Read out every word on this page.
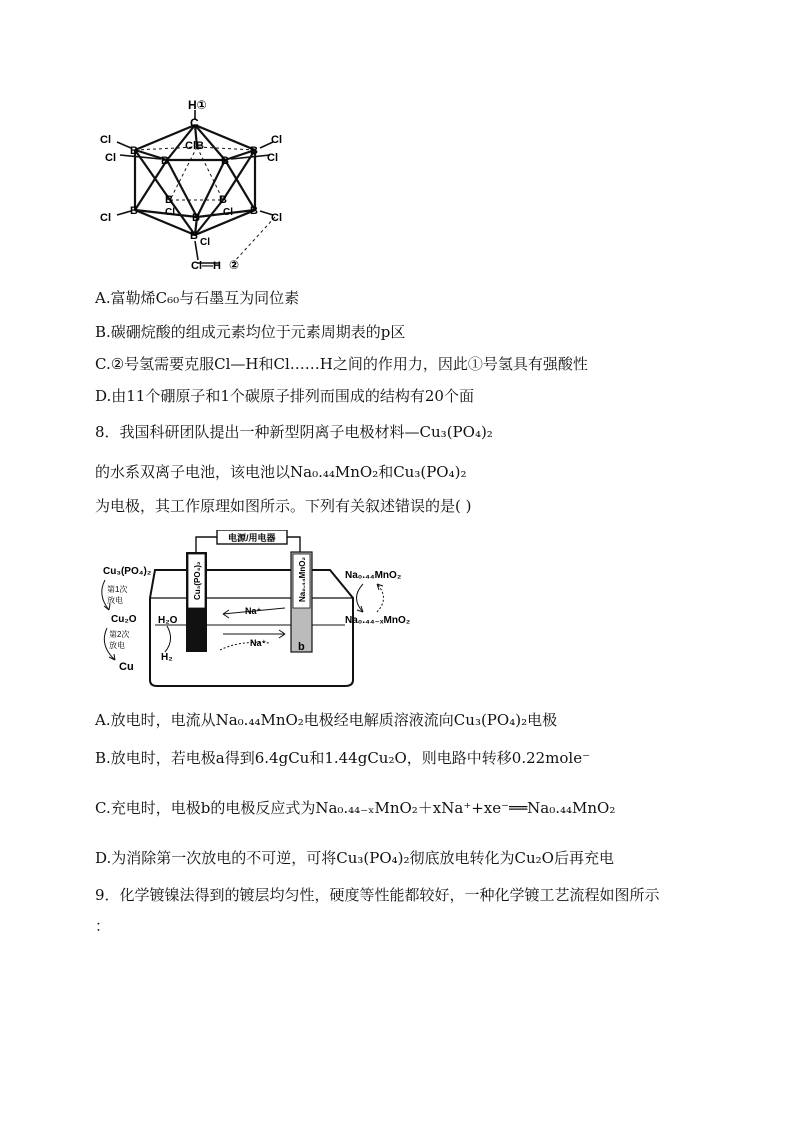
H①
C
ClB
B
B	B
B
B	B
B
B
B
B
Cl
Cl
Cl
Cl
Cl	Cl
Cl	Cl
Cl
Cl—H ②
A.富勒烯C₆₀与石墨互为同位素
B.碳硼烷酸的组成元素均位于元素周期表的p区
C.②号氢需要克服Cl—H和Cl……H之间的作用力，因此①号氢具有强酸性
D.由11个硼原子和1个碳原子排列而围成的结构有20个面
8．我国科研团队提出一种新型阴离子电极材料—Cu₃(PO₄)₂
的水系双离子电池，该电池以Na₀.₄₄MnO₂和Cu₃(PO₄)₂
为电极，其工作原理如图所示。下列有关叙述错误的是( )
电源/用电器
Cu₃(PO₄)₂	Na₀.₄₄MnO₂
b
Na⁺
Na⁺
H₂O
H₂
Cu₃(PO₄)₂
第1次
放电
Cu₂O
第2次
放电
Cu
Na₀.₄₄MnO₂
Na₀.₄₄₋ₓMnO₂
A.放电时，电流从Na₀.₄₄MnO₂电极经电解质溶液流向Cu₃(PO₄)₂电极
B.放电时，若电极a得到6.4gCu和1.44gCu₂O，则电路中转移0.22mole⁻
C.充电时，电极b的电极反应式为Na₀.₄₄₋ₓMnO₂＋xNa⁺+xe⁻══Na₀.₄₄MnO₂
D.为消除第一次放电的不可逆，可将Cu₃(PO₄)₂彻底放电转化为Cu₂O后再充电
9．化学镀镍法得到的镀层均匀性，硬度等性能都较好，一种化学镀工艺流程如图所示
：
